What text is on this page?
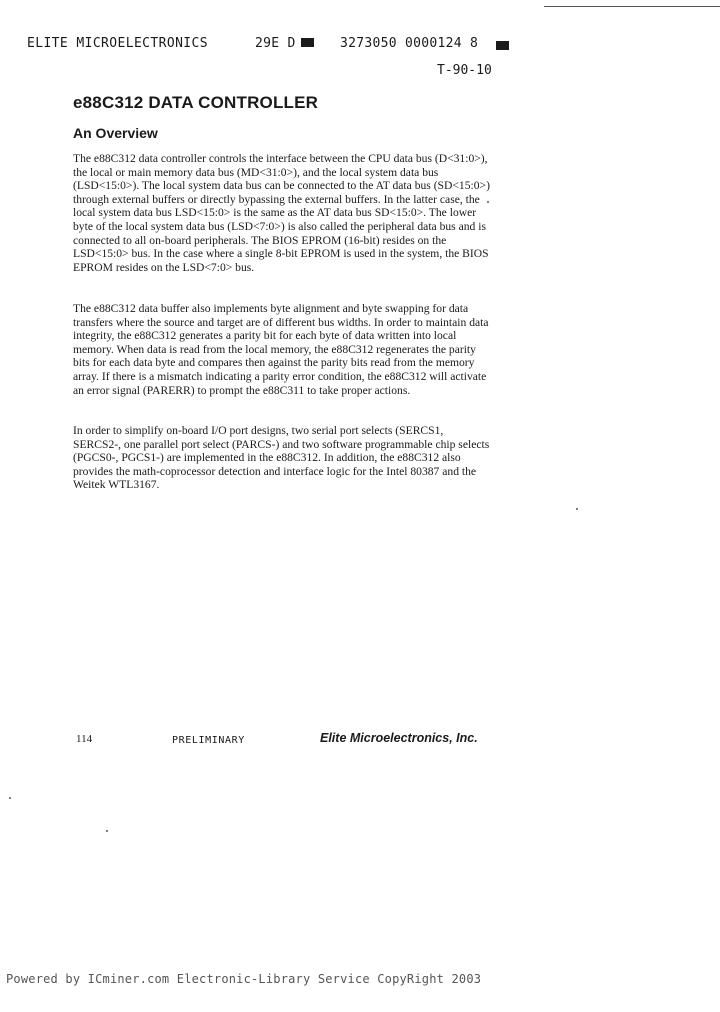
ELITE MICROELECTRONICS	29E D	3273050 0000124 8
T-90-10
e88C312 DATA CONTROLLER
An Overview

The e88C312 data controller controls the interface between the CPU data bus (D<31:0>), the local or main memory data bus (MD<31:0>), and the local system data bus (LSD<15:0>). The local system data bus can be connected to the AT data bus (SD<15:0>) through external buffers or directly bypassing the external buffers. In the latter case, the local system data bus LSD<15:0> is the same as the AT data bus SD<15:0>. The lower byte of the local system data bus (LSD<7:0>) is also called the peripheral data bus and is connected to all on-board peripherals. The BIOS EPROM (16-bit) resides on the LSD<15:0> bus. In the case where a single 8-bit EPROM is used in the system, the BIOS EPROM resides on the LSD<7:0> bus.

The e88C312 data buffer also implements byte alignment and byte swapping for data transfers where the source and target are of different bus widths. In order to maintain data integrity, the e88C312 generates a parity bit for each byte of data written into local memory. When data is read from the local memory, the e88C312 regenerates the parity bits for each data byte and compares then against the parity bits read from the memory array. If there is a mismatch indicating a parity error condition, the e88C312 will activate an error signal (PARERR) to prompt the e88C311 to take proper actions.

In order to simplify on-board I/O port designs, two serial port selects (SERCS1, SERCS2-, one parallel port select (PARCS-) and two software programmable chip selects (PGCS0-, PGCS1-) are implemented in the e88C312. In addition, the e88C312 also provides the math-coprocessor detection and interface logic for the Intel 80387 and the Weitek WTL3167.

114	PRELIMINARY	Elite Microelectronics, Inc.
Powered by ICminer.com Electronic-Library Service CopyRight 2003
